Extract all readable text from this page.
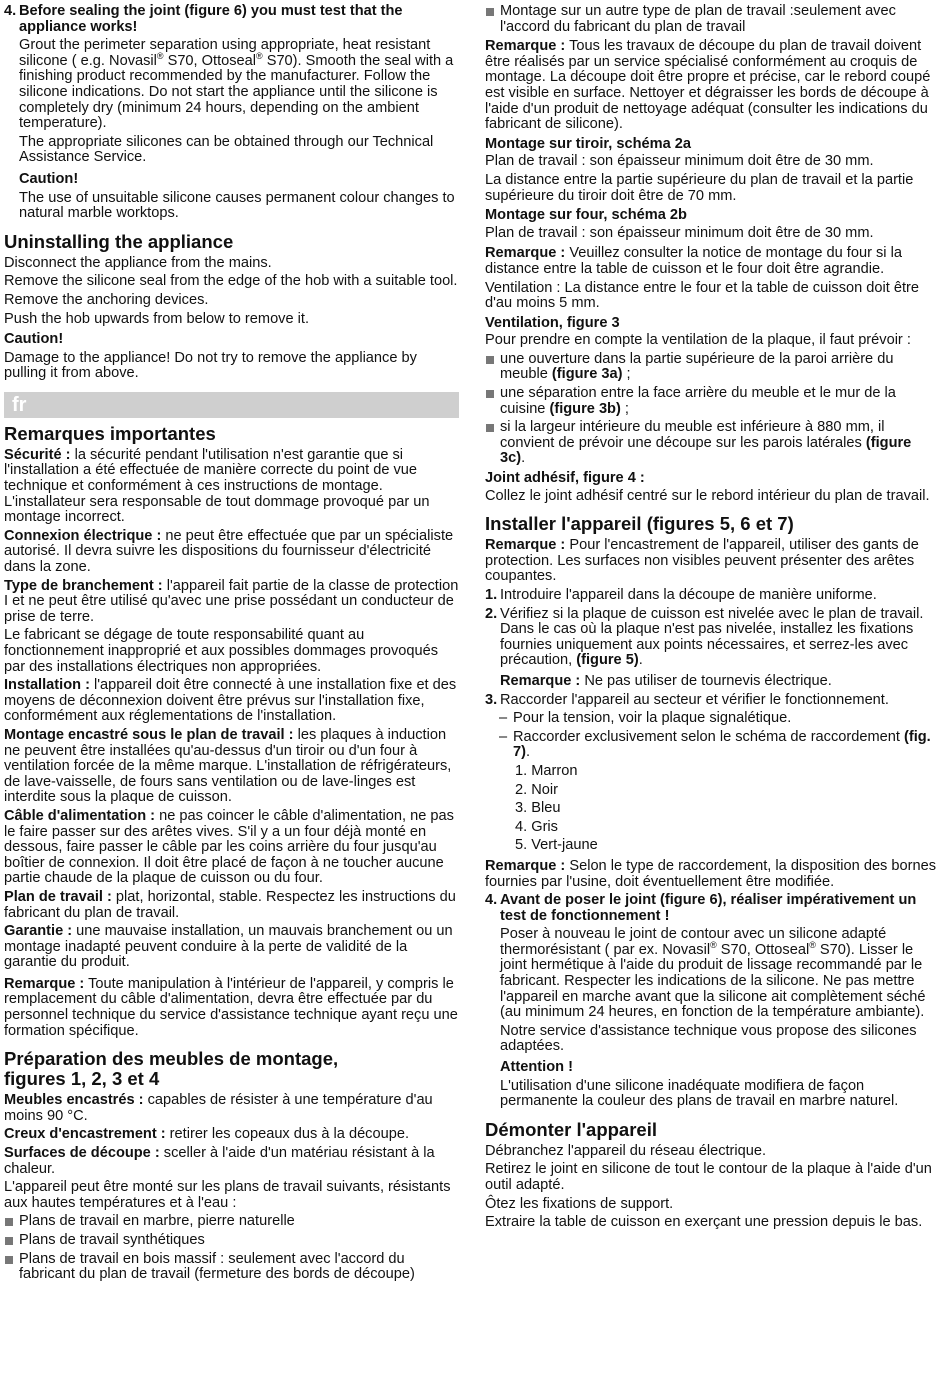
4. Before sealing the joint (figure 6) you must test that the appliance works!

Grout the perimeter separation using appropriate, heat resistant silicone ( e.g. Novasil® S70, Ottoseal® S70). Smooth the seal with a finishing product recommended by the manufacturer. Follow the silicone indications. Do not start the appliance until the silicone is completely dry (minimum 24 hours, depending on the ambient temperature).

The appropriate silicones can be obtained through our Technical Assistance Service.

Caution!

The use of unsuitable silicone causes permanent colour changes to natural marble worktops.

Uninstalling the appliance

Disconnect the appliance from the mains.

Remove the silicone seal from the edge of the hob with a suitable tool.

Remove the anchoring devices.

Push the hob upwards from below to remove it.

Caution!

Damage to the appliance! Do not try to remove the appliance by pulling it from above.

fr
Remarques importantes

Sécurité : la sécurité pendant l'utilisation n'est garantie que si l'installation a été effectuée de manière correcte du point de vue technique et conformément à ces instructions de montage. L'installateur sera responsable de tout dommage provoqué par un montage incorrect.

Connexion électrique : ne peut être effectuée que par un spécialiste autorisé. Il devra suivre les dispositions du fournisseur d'électricité dans la zone.

Type de branchement : l'appareil fait partie de la classe de protection I et ne peut être utilisé qu'avec une prise possédant un conducteur de prise de terre.

Le fabricant se dégage de toute responsabilité quant au fonctionnement inapproprié et aux possibles dommages provoqués par des installations électriques non appropriées.

Installation : l'appareil doit être connecté à une installation fixe et des moyens de déconnexion doivent être prévus sur l'installation fixe, conformément aux réglementations de l'installation.

Montage encastré sous le plan de travail : les plaques à induction ne peuvent être installées qu'au-dessus d'un tiroir ou d'un four à ventilation forcée de la même marque. L'installation de réfrigérateurs, de lave-vaisselle, de fours sans ventilation ou de lave-linges est interdite sous la plaque de cuisson.

Câble d'alimentation : ne pas coincer le câble d'alimentation, ne pas le faire passer sur des arêtes vives. S'il y a un four déjà monté en dessous, faire passer le câble par les coins arrière du four jusqu'au boîtier de connexion. Il doit être placé de façon à ne toucher aucune partie chaude de la plaque de cuisson ou du four.

Plan de travail : plat, horizontal, stable. Respectez les instructions du fabricant du plan de travail.

Garantie : une mauvaise installation, un mauvais branchement ou un montage inadapté peuvent conduire à la perte de validité de la garantie du produit.

Remarque : Toute manipulation à l'intérieur de l'appareil, y compris le remplacement du câble d'alimentation, devra être effectuée par du personnel technique du service d'assistance technique ayant reçu une formation spécifique.

Préparation des meubles de montage,
figures 1, 2, 3 et 4

Meubles encastrés : capables de résister à une température d'au moins 90 °C.

Creux d'encastrement : retirer les copeaux dus à la découpe.

Surfaces de découpe : sceller à l'aide d'un matériau résistant à la chaleur.

L'appareil peut être monté sur les plans de travail suivants, résistants aux hautes températures et à l'eau :

Plans de travail en marbre, pierre naturelle
Plans de travail synthétiques
Plans de travail en bois massif : seulement avec l'accord du fabricant du plan de travail (fermeture des bords de découpe)
Montage sur un autre type de plan de travail :seulement avec l'accord du fabricant du plan de travail

Remarque : Tous les travaux de découpe du plan de travail doivent être réalisés par un service spécialisé conformément au croquis de montage. La découpe doit être propre et précise, car le rebord coupé est visible en surface. Nettoyer et dégraisser les bords de découpe à l'aide d'un produit de nettoyage adéquat (consulter les indications du fabricant de silicone).

Montage sur tiroir, schéma 2a

Plan de travail : son épaisseur minimum doit être de 30 mm.

La distance entre la partie supérieure du plan de travail et la partie supérieure du tiroir doit être de 70 mm.

Montage sur four, schéma 2b

Plan de travail : son épaisseur minimum doit être de 30 mm.

Remarque : Veuillez consulter la notice de montage du four si la distance entre la table de cuisson et le four doit être agrandie.

Ventilation : La distance entre le four et la table de cuisson doit être d'au moins 5 mm.

Ventilation, figure 3

Pour prendre en compte la ventilation de la plaque, il faut prévoir :

une ouverture dans la partie supérieure de la paroi arrière du meuble (figure 3a) ;
une séparation entre la face arrière du meuble et le mur de la cuisine (figure 3b) ;
si la largeur intérieure du meuble est inférieure à 880 mm, il convient de prévoir une découpe sur les parois latérales (figure 3c).
Joint adhésif, figure 4 :

Collez le joint adhésif centré sur le rebord intérieur du plan de travail.

Installer l'appareil (figures 5, 6 et 7)

Remarque : Pour l'encastrement de l'appareil, utiliser des gants de protection. Les surfaces non visibles peuvent présenter des arêtes coupantes.

1. Introduire l'appareil dans la découpe de manière uniforme.

2. Vérifiez si la plaque de cuisson est nivelée avec le plan de travail. Dans le cas où la plaque n'est pas nivelée, installez les fixations fournies uniquement aux points nécessaires, et serrez-les avec précaution, (figure 5).

Remarque : Ne pas utiliser de tournevis électrique.

3. Raccorder l'appareil au secteur et vérifier le fonctionnement.

– Pour la tension, voir la plaque signalétique.
– Raccorder exclusivement selon le schéma de raccordement (fig. 7).
1. Marron
2. Noir
3. Bleu
4. Gris
5. Vert-jaune

Remarque : Selon le type de raccordement, la disposition des bornes fournies par l'usine, doit éventuellement être modifiée.

4. Avant de poser le joint (figure 6), réaliser impérativement un test de fonctionnement !

Poser à nouveau le joint de contour avec un silicone adapté thermorésistant ( par ex. Novasil® S70, Ottoseal® S70). Lisser le joint hermétique à l'aide du produit de lissage recommandé par le fabricant. Respecter les indications de la silicone. Ne pas mettre l'appareil en marche avant que la silicone ait complètement séché (au minimum 24 heures, en fonction de la température ambiante).

Notre service d'assistance technique vous propose des silicones adaptées.

Attention !

L'utilisation d'une silicone inadéquate modifiera de façon permanente la couleur des plans de travail en marbre naturel.

Démonter l'appareil

Débranchez l'appareil du réseau électrique.

Retirez le joint en silicone de tout le contour de la plaque à l'aide d'un outil adapté.

Ôtez les fixations de support.

Extraire la table de cuisson en exerçant une pression depuis le bas.
